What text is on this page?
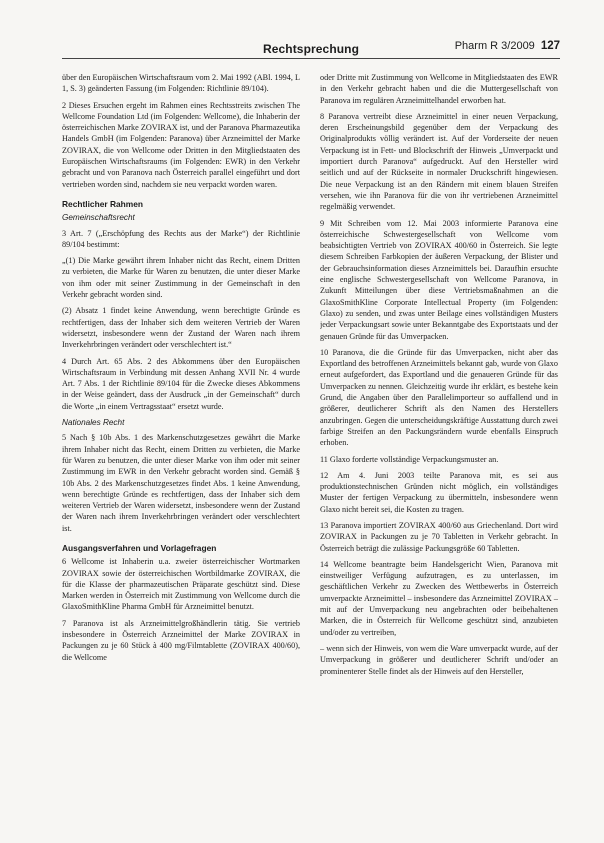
Rechtsprechung	Pharm R 3/2009 127

über den Europäischen Wirtschaftsraum vom 2. Mai 1992 (ABl. 1994, L 1, S. 3) geänderten Fassung (im Folgenden: Richtlinie 89/104).

2 Dieses Ersuchen ergeht im Rahmen eines Rechtsstreits zwischen The Wellcome Foundation Ltd (im Folgenden: Wellcome), die Inhaberin der österreichischen Marke ZOVIRAX ist, und der Paranova Pharmazeutika Handels GmbH (im Folgenden: Paranova) über Arzneimittel der Marke ZOVIRAX, die von Wellcome oder Dritten in den Mitgliedstaaten des Europäischen Wirtschaftsraums (im Folgenden: EWR) in den Verkehr gebracht und von Paranova nach Österreich parallel eingeführt und dort vertrieben worden sind, nachdem sie neu verpackt worden waren.

Rechtlicher Rahmen
Gemeinschaftsrecht

3 Art. 7 („Erschöpfung des Rechts aus der Marke“) der Richtlinie 89/104 bestimmt:

„(1) Die Marke gewährt ihrem Inhaber nicht das Recht, einem Dritten zu verbieten, die Marke für Waren zu benutzen, die unter dieser Marke von ihm oder mit seiner Zustimmung in der Gemeinschaft in den Verkehr gebracht worden sind.

(2) Absatz 1 findet keine Anwendung, wenn berechtigte Gründe es rechtfertigen, dass der Inhaber sich dem weiteren Vertrieb der Waren widersetzt, insbesondere wenn der Zustand der Waren nach ihrem Inverkehrbringen verändert oder verschlechtert ist.“

4 Durch Art. 65 Abs. 2 des Abkommens über den Europäischen Wirtschaftsraum in Verbindung mit dessen Anhang XVII Nr. 4 wurde Art. 7 Abs. 1 der Richtlinie 89/104 für die Zwecke dieses Abkommens in der Weise geändert, dass der Ausdruck „in der Gemeinschaft“ durch die Worte „in einem Vertragsstaat“ ersetzt wurde.

Nationales Recht

5 Nach § 10b Abs. 1 des Markenschutzgesetzes gewährt die Marke ihrem Inhaber nicht das Recht, einem Dritten zu verbieten, die Marke für Waren zu benutzen, die unter dieser Marke von ihm oder mit seiner Zustimmung im EWR in den Verkehr gebracht worden sind. Gemäß § 10b Abs. 2 des Markenschutzgesetzes findet Abs. 1 keine Anwendung, wenn berechtigte Gründe es rechtfertigen, dass der Inhaber sich dem weiteren Vertrieb der Waren widersetzt, insbesondere wenn der Zustand der Waren nach ihrem Inverkehrbringen verändert oder verschlechtert ist.

Ausgangsverfahren und Vorlagefragen

6 Wellcome ist Inhaberin u.a. zweier österreichischer Wortmarken ZOVIRAX sowie der österreichischen Wortbildmarke ZOVIRAX, die für die Klasse der pharmazeutischen Präparate geschützt sind. Diese Marken werden in Österreich mit Zustimmung von Wellcome durch die GlaxoSmithKline Pharma GmbH für Arzneimittel benutzt.

7 Paranova ist als Arzneimittelgroßhändlerin tätig. Sie vertrieb insbesondere in Österreich Arzneimittel der Marke ZOVIRAX in Packungen zu je 60 Stück à 400 mg/Filmtablette (ZOVIRAX 400/60), die Wellcome

oder Dritte mit Zustimmung von Wellcome in Mitgliedstaaten des EWR in den Verkehr gebracht haben und die die Muttergesellschaft von Paranova im regulären Arzneimittelhandel erworben hat.

8 Paranova vertreibt diese Arzneimittel in einer neuen Verpackung, deren Erscheinungsbild gegenüber dem der Verpackung des Originalprodukts völlig verändert ist. Auf der Vorderseite der neuen Verpackung ist in Fett- und Blockschrift der Hinweis „Umverpackt und importiert durch Paranova“ aufgedruckt. Auf den Hersteller wird seitlich und auf der Rückseite in normaler Druckschrift hingewiesen. Die neue Verpackung ist an den Rändern mit einem blauen Streifen versehen, wie ihn Paranova für die von ihr vertriebenen Arzneimittel regelmäßig verwendet.

9 Mit Schreiben vom 12. Mai 2003 informierte Paranova eine österreichische Schwestergesellschaft von Wellcome vom beabsichtigten Vertrieb von ZOVIRAX 400/60 in Österreich. Sie legte diesem Schreiben Farbkopien der äußeren Verpackung, der Blister und der Gebrauchsinformation dieses Arzneimittels bei. Daraufhin ersuchte eine englische Schwestergesellschaft von Wellcome Paranova, in Zukunft Mitteilungen über diese Vertriebsmaßnahmen an die GlaxoSmithKline Corporate Intellectual Property (im Folgenden: Glaxo) zu senden, und zwas unter Beilage eines vollständigen Musters jeder Verpackungsart sowie unter Bekanntgabe des Exportstaats und der genauen Gründe für das Umverpacken.

10 Paranova, die die Gründe für das Umverpacken, nicht aber das Exportland des betroffenen Arzneimittels bekannt gab, wurde von Glaxo erneut aufgefordert, das Exportland und die genaueren Gründe für das Umverpacken zu nennen. Gleichzeitig wurde ihr erklärt, es bestehe kein Grund, die Angaben über den Parallelimporteur so auffallend und in größerer, deutlicherer Schrift als den Namen des Herstellers anzubringen. Gegen die unterscheidungskräftige Ausstattung durch zwei farbige Streifen an den Packungsrändern wurde ebenfalls Einspruch erhoben.

11 Glaxo forderte vollständige Verpackungsmuster an.

12 Am 4. Juni 2003 teilte Paranova mit, es sei aus produktionstechnischen Gründen nicht möglich, ein vollständiges Muster der fertigen Verpackung zu übermitteln, insbesondere wenn Glaxo nicht bereit sei, die Kosten zu tragen.

13 Paranova importiert ZOVIRAX 400/60 aus Griechenland. Dort wird ZOVIRAX in Packungen zu je 70 Tabletten in Verkehr gebracht. In Österreich beträgt die zulässige Packungsgröße 60 Tabletten.

14 Wellcome beantragte beim Handelsgericht Wien, Paranova mit einstweiliger Verfügung aufzutragen, es zu unterlassen, im geschäftlichen Verkehr zu Zwecken des Wettbewerbs in Österreich umverpackte Arzneimittel – insbesondere das Arzneimittel ZOVIRAX – mit auf der Umverpackung neu angebrachten oder beibehaltenen Marken, die in Österreich für Wellcome geschützt sind, anzubieten und/oder zu vertreiben,

– wenn sich der Hinweis, von wem die Ware umverpackt wurde, auf der Umverpackung in größerer und deutlicherer Schrift und/oder an prominenterer Stelle findet als der Hinweis auf den Hersteller,
